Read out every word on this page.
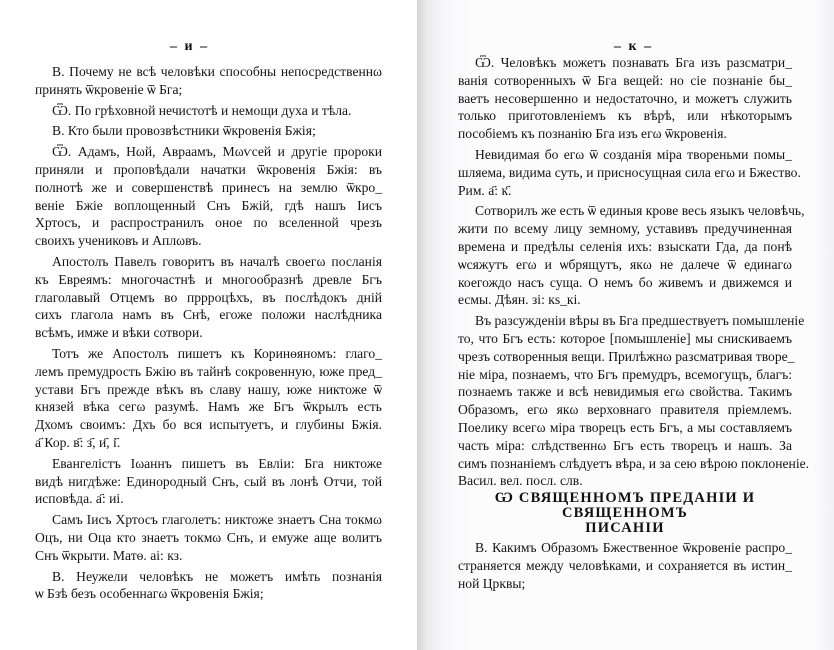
– и –
В. Почему не всѣ человѣки способны непосредственнω
принять ѿкровеніе ѿ Бга;
Ѿ. По грѣховной нечистотѣ и немощи духа и тѣла.
В. Кто были провозвѣстники ѿкровенія Бжія;
Ѿ. Адамъ, Нωй, Авраамъ, Мωѵсей и другіе пророки
приняли и проповѣдали начатки ѿкровенія Бжія: въ
полнотѣ же и совершенствѣ принесъ на землю ѿкро_
веніе Бжіе воплощенный Снъ Бжій, гдѣ нашъ Іисъ
Хртосъ, и распространилъ оное по вселенной чрезъ
своихъ учениковъ и Аплωвъ.
Апостолъ Павелъ говоритъ въ началѣ своегω посланія
къ Евреямъ: многочастнѣ и многообразнѣ древле Бгъ
глаголавый Отцемъ во пррроцѣхъ, въ послѣдокъ дній
сихъ глагола намъ въ Снѣ, егоже положи наслѣдника
всѣмъ, имже и вѣки сотвори.
Тотъ же Апостолъ пишетъ къ Коринѳяномъ: глаго_
лемъ премудрость Бжію въ тайнѣ сокровенную, юже пред_
устави Бгъ прежде вѣкъ въ славу нашу, юже никтоже ѿ
князей вѣка сегω разумѣ. Намъ же Бгъ ѿкрылъ есть
Дхомъ своимъ: Дхъ бо вся испытуетъ, и глубины Бжія.
а҃ Кор. в҃: з҃, и҃, і҃.
Евангелістъ Іωаннъ пишетъ въ Евліи: Бга никтоже
видѣ нигдѣже: Единородный Снъ, сый въ лонѣ Отчи, той
исповѣда. а҃: иі.
Самъ Іисъ Хртосъ глаголетъ: никтоже знаетъ Сна токмω
Оцъ, ни Оца кто знаетъ токмω Снъ, и емуже аще волитъ
Снъ ѿкрыти. Матѳ. аі: кз.
В. Неужели человѣкъ не можетъ имѣть познанія
ѡ Бзѣ безъ особеннагω ѿкровенія Бжія;
– к –
Ѿ. Человѣкъ можетъ познавать Бга изъ разсматри_
ванія сотворенныхъ ѿ Бга вещей: но сіе познаніе бы_
ваетъ несовершенно и недостаточно, и можетъ служить
только приготовленіемъ къ вѣрѣ, или нѣкоторымъ
пособіемъ къ познанію Бга изъ егω ѿкровенія.
Невидимая бо егω ѿ созданія міра твореньми помы_
шляема, видима суть, и присносущная сила егω и Бжество.
Рим. а҃: к҃.
Сотворилъ же есть ѿ единыя крове весь языкъ человѣчь,
жити по всему лицу земному, уставивъ предучиненная
времена и предѣлы селенія ихъ: взыскати Гда, да понѣ
ѡсяжутъ егω и ѡбрящутъ, якω не далече ѿ единагω
коегождо насъ суща. О немъ бо живемъ и движемся и
есмы. Дѣян. зі: кѕ_кі.
Въ разсужденіи вѣры въ Бга предшествуетъ помышленіе
то, что Бгъ есть: которое [помышленіе] мы снискиваемъ
чрезъ сотворенныя вещи. Прилѣжнω разсматривая творе_
ніе міра, познаемъ, что Бгъ премудръ, всемогущъ, благъ:
познаемъ также и всѣ невидимыя егω свойства. Такимъ
Образомъ, егω якω верховнаго правителя пріемлемъ.
Поелику всегω міра творецъ есть Бгъ, а мы составляемъ
часть міра: слѣдственнω Бгъ есть творецъ и нашъ. За
симъ познаніемъ слѣдуетъ вѣра, и за сею вѣрою поклоненіе.
Васил. вел. посл. слв.
Ѡ СВЯЩЕННОМЪ ПРЕДАНІИ И СВЯЩЕННОМЪ
ПИСАНІИ
В. Какимъ Образомъ Бжественное ѿкровеніе распро_
страняется между человѣками, и сохраняется въ истин_
ной Црквы;
